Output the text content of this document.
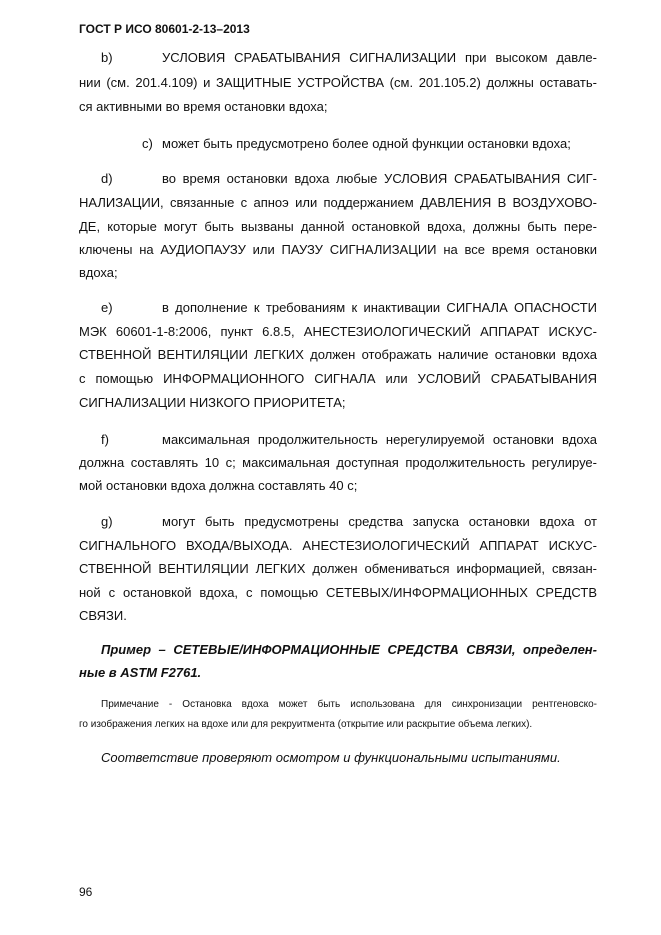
ГОСТ Р ИСО 80601-2-13–2013
b)	УСЛОВИЯ СРАБАТЫВАНИЯ СИГНАЛИЗАЦИИ при высоком давле-
нии (см. 201.4.109) и ЗАЩИТНЫЕ УСТРОЙСТВА (см. 201.105.2) должны оставать-
ся активными во время остановки вдоха;
c) может быть предусмотрено более одной функции остановки вдоха;
d)	во время остановки вдоха любые УСЛОВИЯ СРАБАТЫВАНИЯ СИГ-
НАЛИЗАЦИИ, связанные с апноэ или поддержанием ДАВЛЕНИЯ В ВОЗДУХОВО-
ДЕ, которые могут быть вызваны данной остановкой вдоха, должны быть пере-
ключены на АУДИОПАУЗУ или ПАУЗУ СИГНАЛИЗАЦИИ на все время остановки
вдоха;
e)	в дополнение к требованиям к инактивации СИГНАЛА ОПАСНОСТИ
МЭК 60601-1-8:2006, пункт 6.8.5, АНЕСТЕЗИОЛОГИЧЕСКИЙ АППАРАТ ИСКУС-
СТВЕННОЙ ВЕНТИЛЯЦИИ ЛЕГКИХ должен отображать наличие остановки вдоха
с помощью ИНФОРМАЦИОННОГО СИГНАЛА или УСЛОВИЙ СРАБАТЫВАНИЯ
СИГНАЛИЗАЦИИ НИЗКОГО ПРИОРИТЕТА;
f)	максимальная продолжительность нерегулируемой остановки вдоха
должна составлять 10 с; максимальная доступная продолжительность регулируе-
мой остановки вдоха должна составлять 40 с;
g)	могут быть предусмотрены средства запуска остановки вдоха от
СИГНАЛЬНОГО ВХОДА/ВЫХОДА. АНЕСТЕЗИОЛОГИЧЕСКИЙ АППАРАТ ИСКУС-
СТВЕННОЙ ВЕНТИЛЯЦИИ ЛЕГКИХ должен обмениваться информацией, связан-
ной с остановкой вдоха, с помощью СЕТЕВЫХ/ИНФОРМАЦИОННЫХ СРЕДСТВ
СВЯЗИ.
Пример – СЕТЕВЫЕ/ИНФОРМАЦИОННЫЕ СРЕДСТВА СВЯЗИ, определен-
ные в ASTM F2761.
Примечание - Остановка вдоха может быть использована для синхронизации рентгеновско-
го изображения легких на вдохе или для рекруитмента (открытие или раскрытие объема легких).
Соответствие проверяют осмотром и функциональными испытаниями.
96
